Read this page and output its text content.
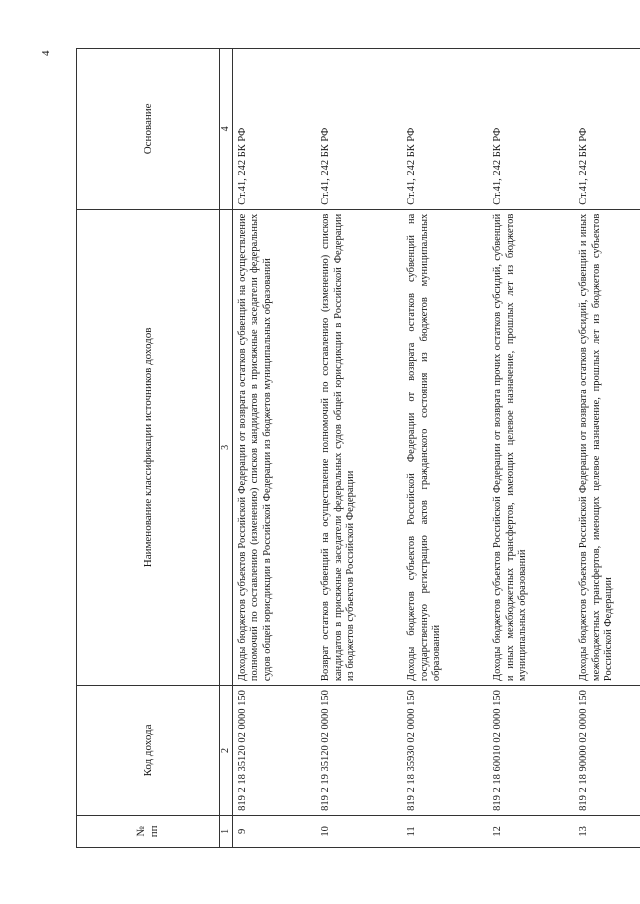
4
№ пп	Код дохода	Наименование классификации источников доходов	Основание
1	2	3	4
9	819 2 18 35120 02 0000 150	Доходы бюджетов субъектов Российской Федерации от возврата остатков субвенций на осуществление полномочий по составлению (изменению) списков кандидатов в присяжные заседатели федеральных судов общей юрисдикции в Российской Федерации из бюджетов муниципальных образований	Ст.41, 242 БК РФ
10	819 2 19 35120 02 0000 150	Возврат остатков субвенций на осуществление полномочий по составлению (изменению) списков кандидатов в присяжные заседатели федеральных судов общей юрисдикции в Российской Федерации из бюджетов субъектов Российской Федерации	Ст.41, 242 БК РФ
11	819 2 18 35930 02 0000 150	Доходы бюджетов субъектов Российской Федерации от возврата остатков субвенций на государственную регистрацию актов гражданского состояния из бюджетов муниципальных образований	Ст.41, 242 БК РФ
12	819 2 18 60010 02 0000 150	Доходы бюджетов субъектов Российской Федерации от возврата прочих остатков субсидий, субвенций и иных межбюджетных трансфертов, имеющих целевое назначение, прошлых лет из бюджетов муниципальных образований	Ст.41, 242 БК РФ
13	819 2 18 90000 02 0000 150	Доходы бюджетов субъектов Российской Федерации от возврата остатков субсидий, субвенций и иных межбюджетных трансфертов, имеющих целевое назначение, прошлых лет из бюджетов субъектов Российской Федерации	Ст.41, 242 БК РФ
